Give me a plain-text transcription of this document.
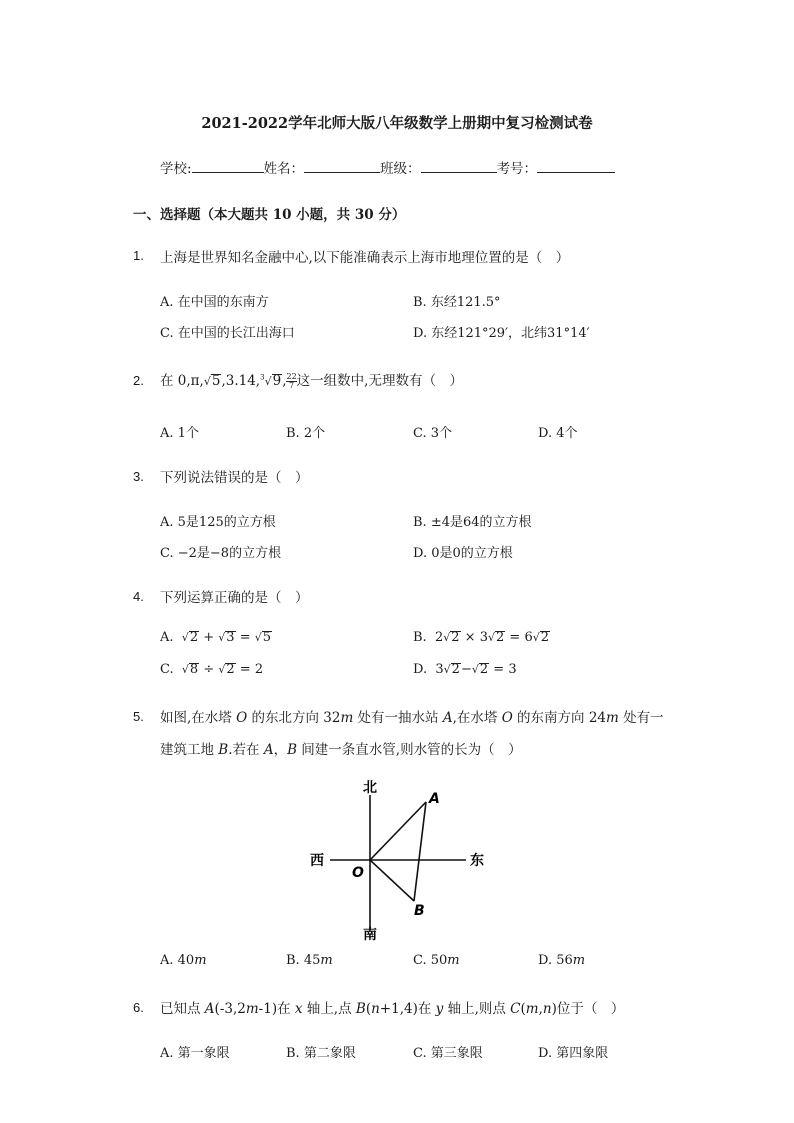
2021-2022学年北师大版八年级数学上册期中复习检测试卷
学校:	姓名：	班级：	考号：
一、选择题（本大题共 10 小题，共 30 分）
1. 上海是世界知名金融中心,以下能准确表示上海市地理位置的是（　）
A. 在中国的东南方	B. 东经121.5°
C. 在中国的长江出海口	D. 东经121°29′，北纬31°14′
2. 在 0,π,√5,3.14,$^3$√9, $\frac{22}{7}$ 这一组数中,无理数有（　）
A. 1个	B. 2个	C. 3个	D. 4个
3. 下列说法错误的是（　）
A. 5是125的立方根	B. ±4是64的立方根
C. −2是−8的立方根	D. 0是0的立方根
4. 下列运算正确的是（　）
A. √2 + √3 = √5	B. 2√2 × 3√2 = 6√2
C. √8 ÷ √2 = 2	D. 3√2−√2 = 3
5. 如图,在水塔 O 的东北方向 32m 处有一抽水站 A,在水塔 O 的东南方向 24m 处有一
建筑工地 B.若在 A，B 间建一条直水管,则水管的长为（　）
北
南
西	东
O
A
B
A. 40m	B. 45m	C. 50m	D. 56m
6. 已知点 A(-3,2m-1)在 x 轴上,点 B(n+1,4)在 y 轴上,则点 C(m,n)位于（　）
A. 第一象限	B. 第二象限	C. 第三象限	D. 第四象限
